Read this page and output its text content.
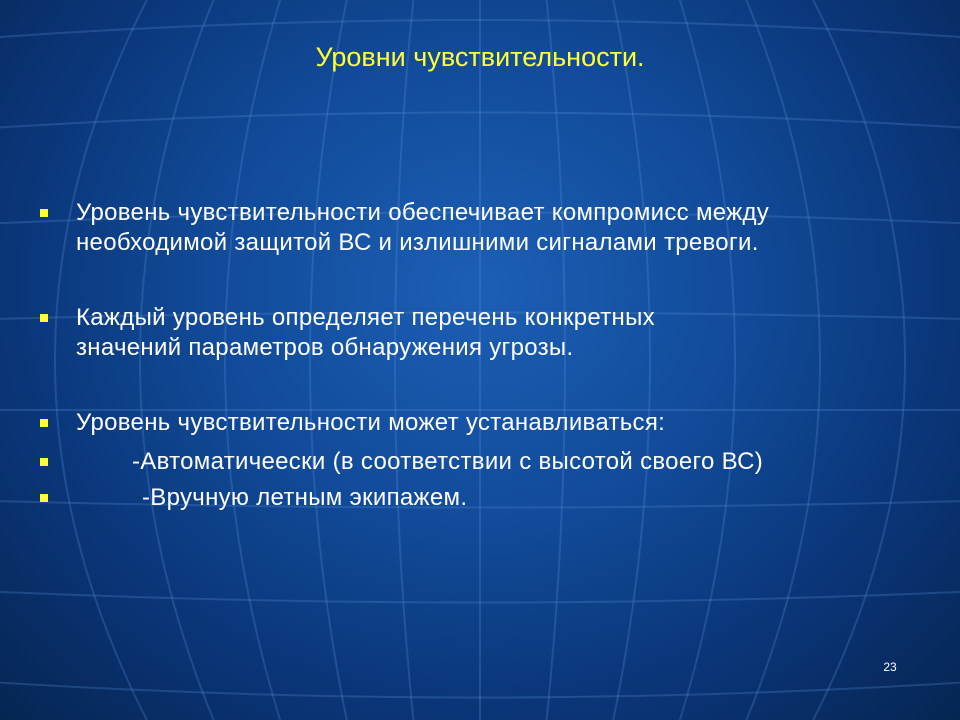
Уровни чувствительности.
Уровень чувствительности обеспечивает компромисс между
необходимой защитой ВС и излишними сигналами тревоги.
Каждый уровень определяет перечень конкретных
значений параметров обнаружения угрозы.
Уровень чувствительности может устанавливаться:
-Автоматичеески (в соответствии с высотой своего ВС)
-Вручную летным экипажем.
23
